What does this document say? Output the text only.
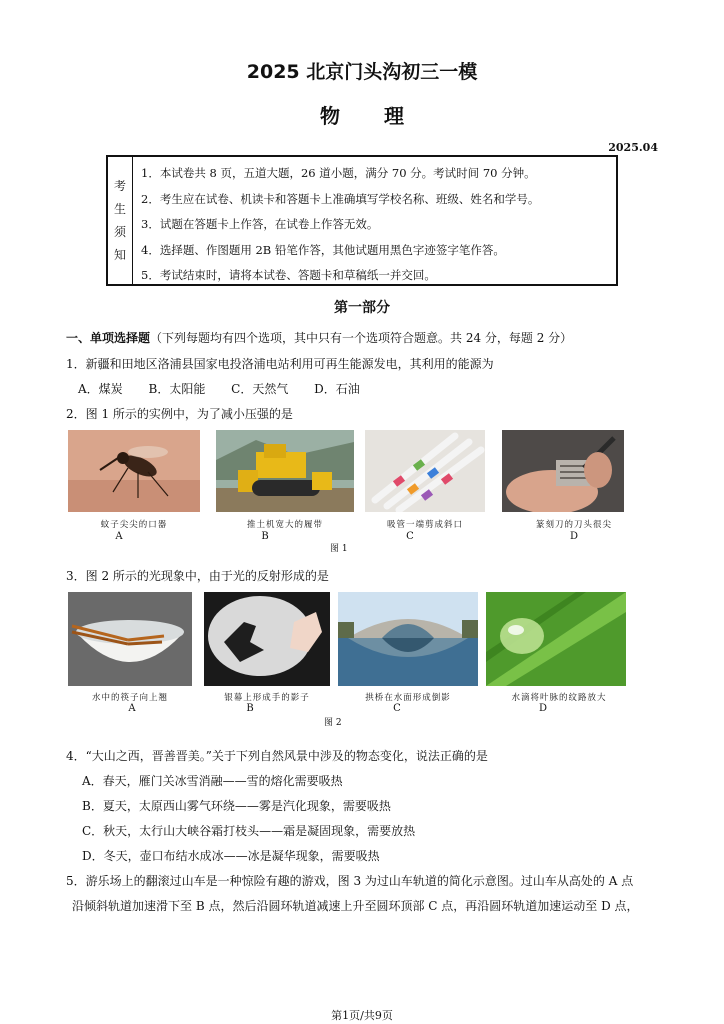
2025 北京门头沟初三一模
物理
2025.04
考
生
须
知
1．本试卷共 8 页，五道大题，26 道小题，满分 70 分。考试时间 70 分钟。
2．考生应在试卷、机读卡和答题卡上准确填写学校名称、班级、姓名和学号。
3．试题在答题卡上作答，在试卷上作答无效。
4．选择题、作图题用 2B 铅笔作答，其他试题用黑色字迹签字笔作答。
5．考试结束时，请将本试卷、答题卡和草稿纸一并交回。
第一部分
一、单项选择题（下列每题均有四个选项，其中只有一个选项符合题意。共 24 分，每题 2 分）
1．新疆和田地区洛浦县国家电投洛浦电站利用可再生能源发电，其利用的能源为
A．煤炭 B．太阳能 C．天然气 D．石油
2．图 1 所示的实例中，为了减小压强的是
蚊子尖尖的口器	推土机宽大的履带	吸管一端剪成斜口	篆刻刀的刀头很尖
A	B	C	D
图 1
3．图 2 所示的光现象中，由于光的反射形成的是
水中的筷子向上翘	银幕上形成手的影子	拱桥在水面形成倒影	水滴将叶脉的纹路放大
A	B	C	D
图 2
4．“大山之西，晋善晋美。”关于下列自然风景中涉及的物态变化，说法正确的是
A．春天，雁门关冰雪消融——雪的熔化需要吸热
B．夏天，太原西山雾气环绕——雾是汽化现象，需要吸热
C．秋天，太行山大峡谷霜打枝头——霜是凝固现象，需要放热
D．冬天，壶口布结水成冰——冰是凝华现象，需要吸热
5．游乐场上的翻滚过山车是一种惊险有趣的游戏，图 3 为过山车轨道的简化示意图。过山车从高处的 A 点
沿倾斜轨道加速滑下至 B 点，然后沿圆环轨道减速上升至圆环顶部 C 点，再沿圆环轨道加速运动至 D 点，
第1页/共9页
